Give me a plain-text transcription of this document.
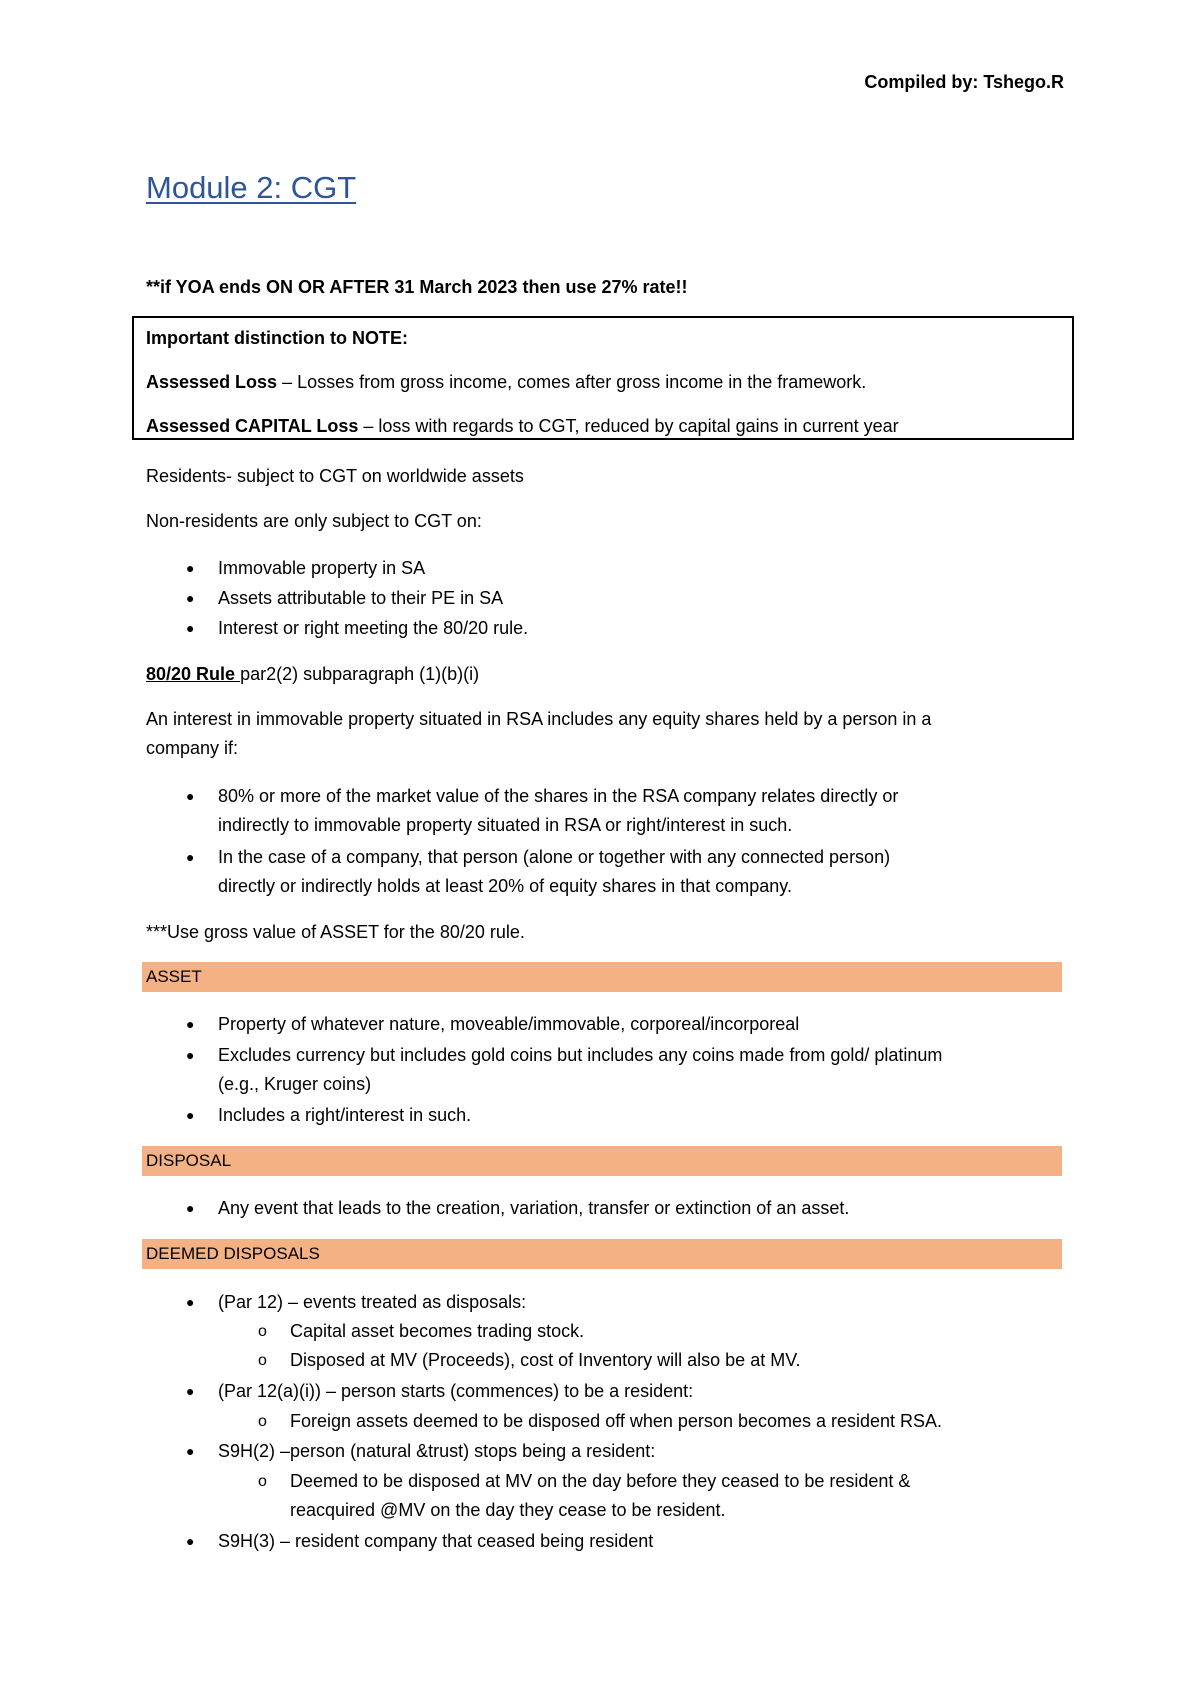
Compiled by: Tshego.R
Module 2: CGT
**if YOA ends ON OR AFTER 31 March 2023 then use 27% rate!!
Important distinction to NOTE:
Assessed Loss – Losses from gross income, comes after gross income in the framework.
Assessed CAPITAL Loss – loss with regards to CGT, reduced by capital gains in current year
Residents- subject to CGT on worldwide assets
Non-residents are only subject to CGT on:
● Immovable property in SA
● Assets attributable to their PE in SA
● Interest or right meeting the 80/20 rule.
80/20 Rule par2(2) subparagraph (1)(b)(i)
An interest in immovable property situated in RSA includes any equity shares held by a person in a
company if:
● 80% or more of the market value of the shares in the RSA company relates directly or
indirectly to immovable property situated in RSA or right/interest in such.
● In the case of a company, that person (alone or together with any connected person)
directly or indirectly holds at least 20% of equity shares in that company.
***Use gross value of ASSET for the 80/20 rule.
ASSET
● Property of whatever nature, moveable/immovable, corporeal/incorporeal
● Excludes currency but includes gold coins but includes any coins made from gold/ platinum
(e.g., Kruger coins)
● Includes a right/interest in such.
DISPOSAL
● Any event that leads to the creation, variation, transfer or extinction of an asset.
DEEMED DISPOSALS
● (Par 12) – events treated as disposals:
o Capital asset becomes trading stock.
o Disposed at MV (Proceeds), cost of Inventory will also be at MV.
● (Par 12(a)(i)) – person starts (commences) to be a resident:
o Foreign assets deemed to be disposed off when person becomes a resident RSA.
● S9H(2) –person (natural &trust) stops being a resident:
o Deemed to be disposed at MV on the day before they ceased to be resident &
reacquired @MV on the day they cease to be resident.
● S9H(3) – resident company that ceased being resident
